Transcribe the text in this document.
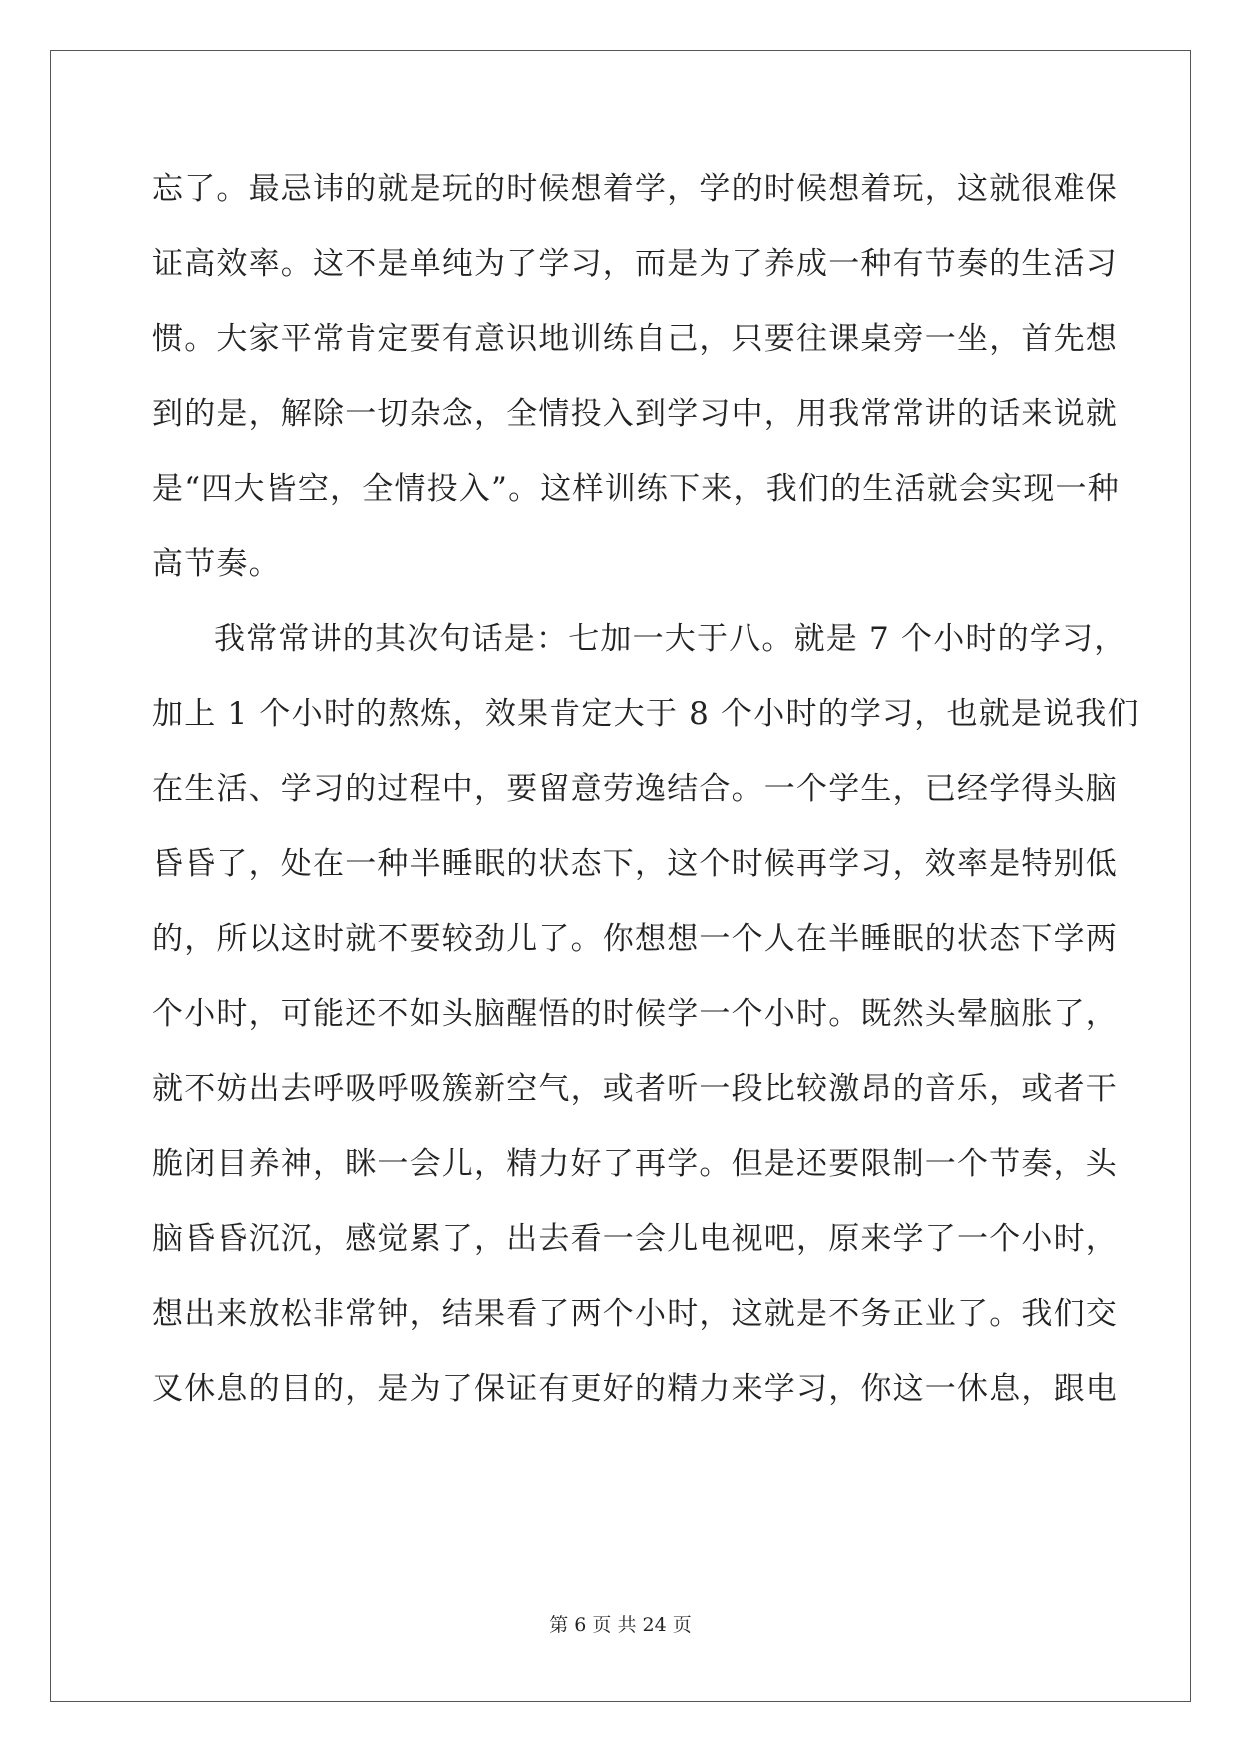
忘了。最忌讳的就是玩的时候想着学，学的时候想着玩，这就很难保
证高效率。这不是单纯为了学习，而是为了养成一种有节奏的生活习
惯。大家平常肯定要有意识地训练自己，只要往课桌旁一坐，首先想
到的是，解除一切杂念，全情投入到学习中，用我常常讲的话来说就
是“四大皆空，全情投入”。这样训练下来，我们的生活就会实现一种
高节奏。
我常常讲的其次句话是：七加一大于八。就是 7 个小时的学习，
加上 1 个小时的熬炼，效果肯定大于 8 个小时的学习，也就是说我们
在生活、学习的过程中，要留意劳逸结合。一个学生，已经学得头脑
昏昏了，处在一种半睡眠的状态下，这个时候再学习，效率是特别低
的，所以这时就不要较劲儿了。你想想一个人在半睡眠的状态下学两
个小时，可能还不如头脑醒悟的时候学一个小时。既然头晕脑胀了，
就不妨出去呼吸呼吸簇新空气，或者听一段比较激昂的音乐，或者干
脆闭目养神，眯一会儿，精力好了再学。但是还要限制一个节奏，头
脑昏昏沉沉，感觉累了，出去看一会儿电视吧，原来学了一个小时，
想出来放松非常钟，结果看了两个小时，这就是不务正业了。我们交
叉休息的目的，是为了保证有更好的精力来学习，你这一休息，跟电
第 6 页 共 24 页
